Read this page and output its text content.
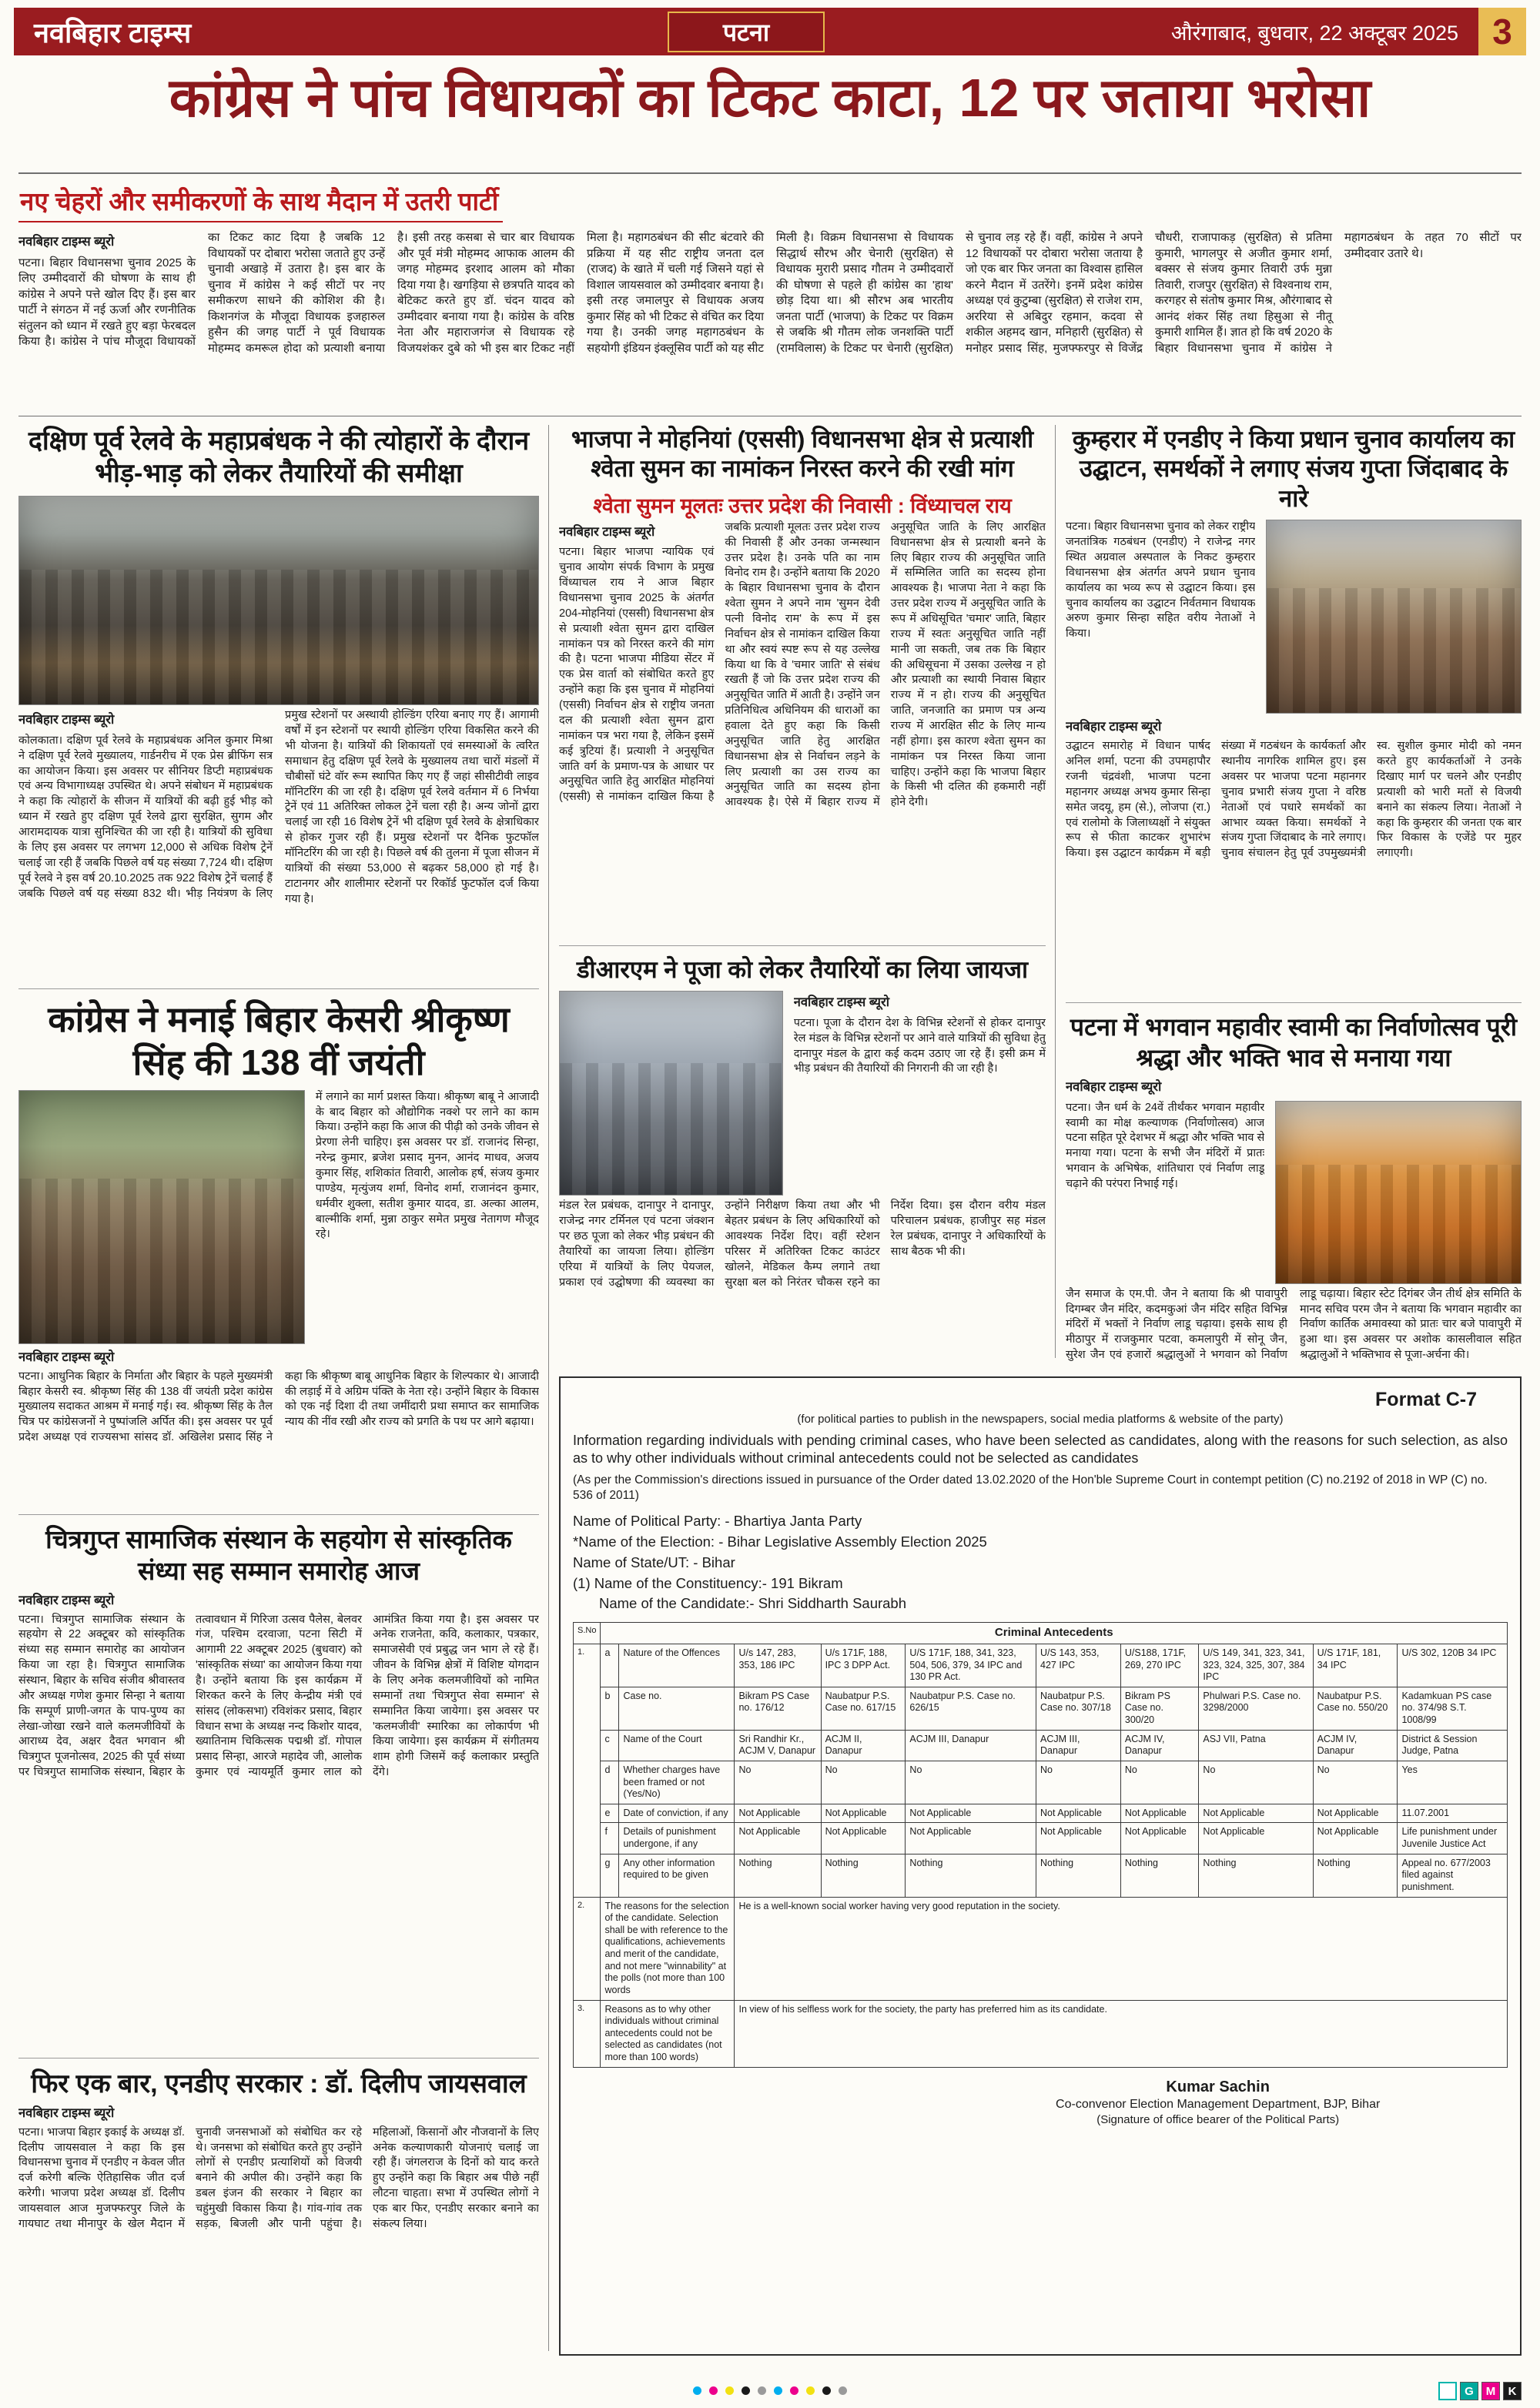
नवबिहार टाइम्स	पटना	औरंगाबाद, बुधवार, 22 अक्टूबर 2025 3
कांग्रेस ने पांच विधायकों का टिकट काटा, 12 पर जताया भरोसा
नए चेहरों और समीकरणों के साथ मैदान में उतरी पार्टी
नवबिहार टाइम्स ब्यूरो

पटना। बिहार विधानसभा चुनाव 2025 के लिए उम्मीदवारों की घोषणा के साथ ही कांग्रेस ने अपने पत्ते खोल दिए हैं। इस बार पार्टी ने संगठन में नई ऊर्जा और रणनीतिक संतुलन को ध्यान में रखते हुए बड़ा फेरबदल किया है। कांग्रेस ने पांच मौजूदा विधायकों का टिकट काट दिया है जबकि 12 विधायकों पर दोबारा भरोसा जताते हुए उन्हें चुनावी अखाड़े में उतारा है। इस बार के चुनाव में कांग्रेस ने कई सीटों पर नए समीकरण साधने की कोशिश की है। किशनगंज के मौजूदा विधायक इजहारुल हुसैन की जगह पार्टी ने पूर्व विधायक मोहम्मद कमरूल होदा को प्रत्याशी बनाया है। इसी तरह कसबा से चार बार विधायक और पूर्व मंत्री मोहम्मद आफाक आलम की जगह मोहम्मद इरशाद आलम को मौका दिया गया है। खगड़िया से छत्रपति यादव को बेटिकट करते हुए डॉ. चंदन यादव को उम्मीदवार बनाया गया है। कांग्रेस के वरिष्ठ नेता और महाराजगंज से विधायक रहे विजयशंकर दुबे को भी इस बार टिकट नहीं मिला है। महागठबंधन की सीट बंटवारे की प्रक्रिया में यह सीट राष्ट्रीय जनता दल (राजद) के खाते में चली गई जिसने यहां से विशाल जायसवाल को उम्मीदवार बनाया है। इसी तरह जमालपुर से विधायक अजय कुमार सिंह को भी टिकट से वंचित कर दिया गया है। उनकी जगह महागठबंधन के सहयोगी इंडियन इंक्लूसिव पार्टी को यह सीट मिली है। विक्रम विधानसभा से विधायक सिद्धार्थ सौरभ और चेनारी (सुरक्षित) से विधायक मुरारी प्रसाद गौतम ने उम्मीदवारों की घोषणा से पहले ही कांग्रेस का 'हाथ' छोड़ दिया था। श्री सौरभ अब भारतीय जनता पार्टी (भाजपा) के टिकट पर विक्रम से जबकि श्री गौतम लोक जनशक्ति पार्टी (रामविलास) के टिकट पर चेनारी (सुरक्षित) से चुनाव लड़ रहे हैं। वहीं, कांग्रेस ने अपने 12 विधायकों पर दोबारा भरोसा जताया है जो एक बार फिर जनता का विश्वास हासिल करने मैदान में उतरेंगे। इनमें प्रदेश कांग्रेस अध्यक्ष एवं कुटुम्बा (सुरक्षित) से राजेश राम, अररिया से अबिदुर रहमान, कदवा से शकील अहमद खान, मनिहारी (सुरक्षित) से मनोहर प्रसाद सिंह, मुजफ्फरपुर से विजेंद्र चौधरी, राजापाकड़ (सुरक्षित) से प्रतिमा कुमारी, भागलपुर से अजीत कुमार शर्मा, बक्सर से संजय कुमार तिवारी उर्फ मुन्ना तिवारी, राजपुर (सुरक्षित) से विश्वनाथ राम, करगहर से संतोष कुमार मिश्र, औरंगाबाद से आनंद शंकर सिंह तथा हिसुआ से नीतू कुमारी शामिल हैं। ज्ञात हो कि वर्ष 2020 के बिहार विधानसभा चुनाव में कांग्रेस ने महागठबंधन के तहत 70 सीटों पर उम्मीदवार उतारे थे।

दक्षिण पूर्व रेलवे के महाप्रबंधक ने की त्योहारों के दौरान भीड़-भाड़ को लेकर तैयारियों की समीक्षा
नवबिहार टाइम्स ब्यूरो

कोलकाता। दक्षिण पूर्व रेलवे के महाप्रबंधक अनिल कुमार मिश्रा ने दक्षिण पूर्व रेलवे मुख्यालय, गार्डनरीच में एक प्रेस ब्रीफिंग सत्र का आयोजन किया। इस अवसर पर सीनियर डिप्टी महाप्रबंधक एवं अन्य विभागाध्यक्ष उपस्थित थे। अपने संबोधन में महाप्रबंधक ने कहा कि त्योहारों के सीजन में यात्रियों की बढ़ी हुई भीड़ को ध्यान में रखते हुए दक्षिण पूर्व रेलवे द्वारा सुरक्षित, सुगम और आरामदायक यात्रा सुनिश्चित की जा रही है। यात्रियों की सुविधा के लिए इस अवसर पर लगभग 12,000 से अधिक विशेष ट्रेनें चलाई जा रही हैं जबकि पिछले वर्ष यह संख्या 7,724 थी। दक्षिण पूर्व रेलवे ने इस वर्ष 20.10.2025 तक 922 विशेष ट्रेनें चलाई हैं जबकि पिछले वर्ष यह संख्या 832 थी। भीड़ नियंत्रण के लिए प्रमुख स्टेशनों पर अस्थायी होल्डिंग एरिया बनाए गए हैं। आगामी वर्षों में इन स्टेशनों पर स्थायी होल्डिंग एरिया विकसित करने की भी योजना है। यात्रियों की शिकायतों एवं समस्याओं के त्वरित समाधान हेतु दक्षिण पूर्व रेलवे के मुख्यालय तथा चारों मंडलों में चौबीसों घंटे वॉर रूम स्थापित किए गए हैं जहां सीसीटीवी लाइव मॉनिटरिंग की जा रही है। दक्षिण पूर्व रेलवे वर्तमान में 6 निर्भया ट्रेनें एवं 11 अतिरिक्त लोकल ट्रेनें चला रही है। अन्य जोनों द्वारा चलाई जा रही 16 विशेष ट्रेनें भी दक्षिण पूर्व रेलवे के क्षेत्राधिकार से होकर गुजर रही हैं। प्रमुख स्टेशनों पर दैनिक फुटफॉल मॉनिटरिंग की जा रही है। पिछले वर्ष की तुलना में पूजा सीजन में यात्रियों की संख्या 53,000 से बढ़कर 58,000 हो गई है। टाटानगर और शालीमार स्टेशनों पर रिकॉर्ड फुटफॉल दर्ज किया गया है।

कांग्रेस ने मनाई बिहार केसरी श्रीकृष्ण सिंह की 138 वीं जयंती

में लगाने का मार्ग प्रशस्त किया। श्रीकृष्ण बाबू ने आजादी के बाद बिहार को औद्योगिक नक्शे पर लाने का काम किया। उन्होंने कहा कि आज की पीढ़ी को उनके जीवन से प्रेरणा लेनी चाहिए। इस अवसर पर डॉ. राजानंद सिन्हा, नरेन्द्र कुमार, ब्रजेश प्रसाद मुनन, आनंद माधव, अजय कुमार सिंह, शशिकांत तिवारी, आलोक हर्ष, संजय कुमार पाण्डेय, मृत्युंजय शर्मा, विनोद शर्मा, राजानंदन कुमार, धर्मवीर शुक्ला, सतीश कुमार यादव, डा. अल्का आलम, बाल्मीकि शर्मा, मुन्ना ठाकुर समेत प्रमुख नेतागण मौजूद रहे।

नवबिहार टाइम्स ब्यूरो

पटना। आधुनिक बिहार के निर्माता और बिहार के पहले मुख्यमंत्री बिहार केसरी स्व. श्रीकृष्ण सिंह की 138 वीं जयंती प्रदेश कांग्रेस मुख्यालय सदाकत आश्रम में मनाई गई। स्व. श्रीकृष्ण सिंह के तैल चित्र पर कांग्रेसजनों ने पुष्पांजलि अर्पित की। इस अवसर पर पूर्व प्रदेश अध्यक्ष एवं राज्यसभा सांसद डॉ. अखिलेश प्रसाद सिंह ने कहा कि श्रीकृष्ण बाबू आधुनिक बिहार के शिल्पकार थे। आजादी की लड़ाई में वे अग्रिम पंक्ति के नेता रहे। उन्होंने बिहार के विकास को एक नई दिशा दी तथा जमींदारी प्रथा समाप्त कर सामाजिक न्याय की नींव रखी और राज्य को प्रगति के पथ पर आगे बढ़ाया।

चित्रगुप्त सामाजिक संस्थान के सहयोग से सांस्कृतिक संध्या सह सम्मान समारोह आज
नवबिहार टाइम्स ब्यूरो

पटना। चित्रगुप्त सामाजिक संस्थान के सहयोग से 22 अक्टूबर को सांस्कृतिक संध्या सह सम्मान समारोह का आयोजन किया जा रहा है। चित्रगुप्त सामाजिक संस्थान, बिहार के सचिव संजीव श्रीवास्तव और अध्यक्ष गणेश कुमार सिन्हा ने बताया कि सम्पूर्ण प्राणी-जगत के पाप-पुण्य का लेखा-जोखा रखने वाले कलमजीवियों के आराध्य देव, अक्षर दैवत भगवान श्री चित्रगुप्त पूजनोत्सव, 2025 की पूर्व संध्या पर चित्रगुप्त सामाजिक संस्थान, बिहार के तत्वावधान में गिरिजा उत्सव पैलेस, बेलवर गंज, पश्चिम दरवाजा, पटना सिटी में आगामी 22 अक्टूबर 2025 (बुधवार) को 'सांस्कृतिक संध्या' का आयोजन किया गया है। उन्होंने बताया कि इस कार्यक्रम में शिरकत करने के लिए केन्द्रीय मंत्री एवं सांसद (लोकसभा) रविशंकर प्रसाद, बिहार विधान सभा के अध्यक्ष नन्द किशोर यादव, ख्यातिनाम चिकित्सक पद्मश्री डॉ. गोपाल प्रसाद सिन्हा, आरजे महादेव जी, आलोक कुमार एवं न्यायमूर्ति कुमार लाल को आमंत्रित किया गया है। इस अवसर पर अनेक राजनेता, कवि, कलाकार, पत्रकार, समाजसेवी एवं प्रबुद्ध जन भाग ले रहे हैं। जीवन के विभिन्न क्षेत्रों में विशिष्ट योगदान के लिए अनेक कलमजीवियों को नामित सम्मानों तथा 'चित्रगुप्त सेवा सम्मान' से सम्मानित किया जायेगा। इस अवसर पर 'कलमजीवी' स्मारिका का लोकार्पण भी किया जायेगा। इस कार्यक्रम में संगीतमय शाम होगी जिसमें कई कलाकार प्रस्तुति देंगे।

फिर एक बार, एनडीए सरकार : डॉ. दिलीप जायसवाल
नवबिहार टाइम्स ब्यूरो

पटना। भाजपा बिहार इकाई के अध्यक्ष डॉ. दिलीप जायसवाल ने कहा कि इस विधानसभा चुनाव में एनडीए न केवल जीत दर्ज करेगी बल्कि ऐतिहासिक जीत दर्ज करेगी। भाजपा प्रदेश अध्यक्ष डॉ. दिलीप जायसवाल आज मुजफ्फरपुर जिले के गायघाट तथा मीनापुर के खेल मैदान में चुनावी जनसभाओं को संबोधित कर रहे थे। जनसभा को संबोधित करते हुए उन्होंने लोगों से एनडीए प्रत्याशियों को विजयी बनाने की अपील की। उन्होंने कहा कि डबल इंजन की सरकार ने बिहार का चहुंमुखी विकास किया है। गांव-गांव तक सड़क, बिजली और पानी पहुंचा है। महिलाओं, किसानों और नौजवानों के लिए अनेक कल्याणकारी योजनाएं चलाई जा रही हैं। जंगलराज के दिनों को याद करते हुए उन्होंने कहा कि बिहार अब पीछे नहीं लौटना चाहता। सभा में उपस्थित लोगों ने एक बार फिर, एनडीए सरकार बनाने का संकल्प लिया।

भाजपा ने मोहनियां (एससी) विधानसभा क्षेत्र से प्रत्याशी श्वेता सुमन का नामांकन निरस्त करने की रखी मांग
श्वेता सुमन मूलतः उत्तर प्रदेश की निवासी : विंध्याचल राय
नवबिहार टाइम्स ब्यूरो

पटना। बिहार भाजपा न्यायिक एवं चुनाव आयोग संपर्क विभाग के प्रमुख विंध्याचल राय ने आज बिहार विधानसभा चुनाव 2025 के अंतर्गत 204-मोहनियां (एससी) विधानसभा क्षेत्र से प्रत्याशी श्वेता सुमन द्वारा दाखिल नामांकन पत्र को निरस्त करने की मांग की है। पटना भाजपा मीडिया सेंटर में एक प्रेस वार्ता को संबोधित करते हुए उन्होंने कहा कि इस चुनाव में मोहनियां (एससी) निर्वाचन क्षेत्र से राष्ट्रीय जनता दल की प्रत्याशी श्वेता सुमन द्वारा नामांकन पत्र भरा गया है, लेकिन इसमें कई त्रुटियां हैं। प्रत्याशी ने अनुसूचित जाति वर्ग के प्रमाण-पत्र के आधार पर अनुसूचित जाति हेतु आरक्षित मोहनियां (एससी) से नामांकन दाखिल किया है जबकि प्रत्याशी मूलतः उत्तर प्रदेश राज्य की निवासी हैं और उनका जन्मस्थान उत्तर प्रदेश है। उनके पति का नाम विनोद राम है। उन्होंने बताया कि 2020 के बिहार विधानसभा चुनाव के दौरान श्वेता सुमन ने अपने नाम 'सुमन देवी पत्नी विनोद राम' के रूप में इस निर्वाचन क्षेत्र से नामांकन दाखिल किया था और स्वयं स्पष्ट रूप से यह उल्लेख किया था कि वे 'चमार जाति' से संबंध रखती हैं जो कि उत्तर प्रदेश राज्य की अनुसूचित जाति में आती है। उन्होंने जन प्रतिनिधित्व अधिनियम की धाराओं का हवाला देते हुए कहा कि किसी अनुसूचित जाति हेतु आरक्षित विधानसभा क्षेत्र से निर्वाचन लड़ने के लिए प्रत्याशी का उस राज्य का अनुसूचित जाति का सदस्य होना आवश्यक है। ऐसे में बिहार राज्य में अनुसूचित जाति के लिए आरक्षित विधानसभा क्षेत्र से प्रत्याशी बनने के लिए बिहार राज्य की अनुसूचित जाति में सम्मिलित जाति का सदस्य होना आवश्यक है। भाजपा नेता ने कहा कि उत्तर प्रदेश राज्य में अनुसूचित जाति के रूप में अधिसूचित 'चमार' जाति, बिहार राज्य में स्वतः अनुसूचित जाति नहीं मानी जा सकती, जब तक कि बिहार की अधिसूचना में उसका उल्लेख न हो और प्रत्याशी का स्थायी निवास बिहार राज्य में न हो। राज्य की अनुसूचित जाति, जनजाति का प्रमाण पत्र अन्य राज्य में आरक्षित सीट के लिए मान्य नहीं होगा। इस कारण श्वेता सुमन का नामांकन पत्र निरस्त किया जाना चाहिए। उन्होंने कहा कि भाजपा बिहार के किसी भी दलित की हकमारी नहीं होने देगी।

डीआरएम ने पूजा को लेकर तैयारियों का लिया जायजा
नवबिहार टाइम्स ब्यूरो

पटना। पूजा के दौरान देश के विभिन्न स्टेशनों से होकर दानापुर रेल मंडल के विभिन्न स्टेशनों पर आने वाले यात्रियों की सुविधा हेतु दानापुर मंडल के द्वारा कई कदम उठाए जा रहे हैं। इसी क्रम में भीड़ प्रबंधन की तैयारियों की निगरानी की जा रही है।

मंडल रेल प्रबंधक, दानापुर ने दानापुर, राजेन्द्र नगर टर्मिनल एवं पटना जंक्शन पर छठ पूजा को लेकर भीड़ प्रबंधन की तैयारियों का जायजा लिया। होल्डिंग एरिया में यात्रियों के लिए पेयजल, प्रकाश एवं उद्घोषणा की व्यवस्था का उन्होंने निरीक्षण किया तथा और भी बेहतर प्रबंधन के लिए अधिकारियों को आवश्यक निर्देश दिए। वहीं स्टेशन परिसर में अतिरिक्त टिकट काउंटर खोलने, मेडिकल कैम्प लगाने तथा सुरक्षा बल को निरंतर चौकस रहने का निर्देश दिया। इस दौरान वरीय मंडल परिचालन प्रबंधक, हाजीपुर सह मंडल रेल प्रबंधक, दानापुर ने अधिकारियों के साथ बैठक भी की।

कुम्हरार में एनडीए ने किया प्रधान चुनाव कार्यालय का उद्घाटन, समर्थकों ने लगाए संजय गुप्ता जिंदाबाद के नारे

पटना। बिहार विधानसभा चुनाव को लेकर राष्ट्रीय जनतांत्रिक गठबंधन (एनडीए) ने राजेन्द्र नगर स्थित अग्रवाल अस्पताल के निकट कुम्हरार विधानसभा क्षेत्र अंतर्गत अपने प्रधान चुनाव कार्यालय का भव्य रूप से उद्घाटन किया। इस चुनाव कार्यालय का उद्घाटन निर्वतमान विधायक अरुण कुमार सिन्हा सहित वरीय नेताओं ने किया।

नवबिहार टाइम्स ब्यूरो

उद्घाटन समारोह में विधान पार्षद अनिल शर्मा, पटना की उपमहापौर रजनी चंद्रवंशी, भाजपा पटना महानगर अध्यक्ष अभय कुमार सिन्हा समेत जदयू, हम (से.), लोजपा (रा.) एवं रालोमो के जिलाध्यक्षों ने संयुक्त रूप से फीता काटकर शुभारंभ किया। इस उद्घाटन कार्यक्रम में बड़ी संख्या में गठबंधन के कार्यकर्ता और स्थानीय नागरिक शामिल हुए। इस अवसर पर भाजपा पटना महानगर चुनाव प्रभारी संजय गुप्ता ने वरिष्ठ नेताओं एवं पधारे समर्थकों का आभार व्यक्त किया। समर्थकों ने संजय गुप्ता जिंदाबाद के नारे लगाए। चुनाव संचालन हेतु पूर्व उपमुख्यमंत्री स्व. सुशील कुमार मोदी को नमन करते हुए कार्यकर्ताओं ने उनके दिखाए मार्ग पर चलने और एनडीए प्रत्याशी को भारी मतों से विजयी बनाने का संकल्प लिया। नेताओं ने कहा कि कुम्हरार की जनता एक बार फिर विकास के एजेंडे पर मुहर लगाएगी।

पटना में भगवान महावीर स्वामी का निर्वाणोत्सव पूरी श्रद्धा और भक्ति भाव से मनाया गया
नवबिहार टाइम्स ब्यूरो

पटना। जैन धर्म के 24वें तीर्थंकर भगवान महावीर स्वामी का मोक्ष कल्याणक (निर्वाणोत्सव) आज पटना सहित पूरे देशभर में श्रद्धा और भक्ति भाव से मनाया गया। पटना के सभी जैन मंदिरों में प्रातः भगवान के अभिषेक, शांतिधारा एवं निर्वाण लाडू चढ़ाने की परंपरा निभाई गई।

जैन समाज के एम.पी. जैन ने बताया कि श्री पावापुरी दिगम्बर जैन मंदिर, कदमकुआं जैन मंदिर सहित विभिन्न मंदिरों में भक्तों ने निर्वाण लाडू चढ़ाया। इसके साथ ही मीठापुर में राजकुमार पटवा, कमलापुरी में सोनू जैन, सुरेश जैन एवं हजारों श्रद्धालुओं ने भगवान को निर्वाण लाडू चढ़ाया। बिहार स्टेट दिगंबर जैन तीर्थ क्षेत्र समिति के मानद सचिव परम जैन ने बताया कि भगवान महावीर का निर्वाण कार्तिक अमावस्या को प्रातः चार बजे पावापुरी में हुआ था। इस अवसर पर अशोक कासलीवाल सहित श्रद्धालुओं ने भक्तिभाव से पूजा-अर्चना की।

Format C-7
(for political parties to publish in the newspapers, social media platforms & website of the party)

Information regarding individuals with pending criminal cases, who have been selected as candidates, along with the reasons for such selection, as also as to why other individuals without criminal antecedents could not be selected as candidates

(As per the Commission's directions issued in pursuance of the Order dated 13.02.2020 of the Hon'ble Supreme Court in contempt petition (C) no.2192 of 2018 in WP (C) no. 536 of 2011)

Name of Political Party: - Bhartiya Janta Party
*Name of the Election: - Bihar Legislative Assembly Election 2025
Name of State/UT: - Bihar
(1) Name of the Constituency:- 191 Bikram
Name of the Candidate:- Shri Siddharth Saurabh
S.No	Criminal Antecedents									
1.	a	Nature of the Offences	U/s 147, 283, 353, 186 IPC	U/s 171F, 188, IPC 3 DPP Act.	U/S 171F, 188, 341, 323, 504, 506, 379, 34 IPC and 130 PR Act.	U/S 143, 353, 427 IPC	U/S188, 171F, 269, 270 IPC	U/S 149, 341, 323, 341, 323, 324, 325, 307, 384 IPC	U/S 171F, 181, 34 IPC	U/S 302, 120B 34 IPC
	b	Case no.	Bikram PS Case no. 176/12	Naubatpur P.S. Case no. 617/15	Naubatpur P.S. Case no. 626/15	Naubatpur P.S. Case no. 307/18	Bikram PS Case no. 300/20	Phulwari P.S. Case no. 3298/2000	Naubatpur P.S. Case no. 550/20	Kadamkuan PS case no. 374/98 S.T. 1008/99
	c	Name of the Court	Sri Randhir Kr., ACJM V, Danapur	ACJM II, Danapur	ACJM III, Danapur	ACJM III, Danapur	ACJM IV, Danapur	ASJ VII, Patna	ACJM IV, Danapur	District & Session Judge, Patna
	d	Whether charges have been framed or not (Yes/No)	No	No	No	No	No	No	No	Yes
	e	Date of conviction, if any	Not Applicable	Not Applicable	Not Applicable	Not Applicable	Not Applicable	Not Applicable	Not Applicable	11.07.2001
	f	Details of punishment undergone, if any	Not Applicable	Not Applicable	Not Applicable	Not Applicable	Not Applicable	Not Applicable	Not Applicable	Life punishment under Juvenile Justice Act
	g	Any other information required to be given	Nothing	Nothing	Nothing	Nothing	Nothing	Nothing	Nothing	Appeal no. 677/2003 filed against punishment.
2.	The reasons for the selection of the candidate. Selection shall be with reference to the qualifications, achievements and merit of the candidate, and not mere "winnability" at the polls (not more than 100 words		He is a well-known social worker having very good reputation in the society.							
3.	Reasons as to why other individuals without criminal antecedents could not be selected as candidates (not more than 100 words)		In view of his selfless work for the society, the party has preferred him as its candidate.							
Kumar Sachin
Co-convenor Election Management Department, BJP, Bihar
(Signature of office bearer of the Political Parts)
G	M	K
